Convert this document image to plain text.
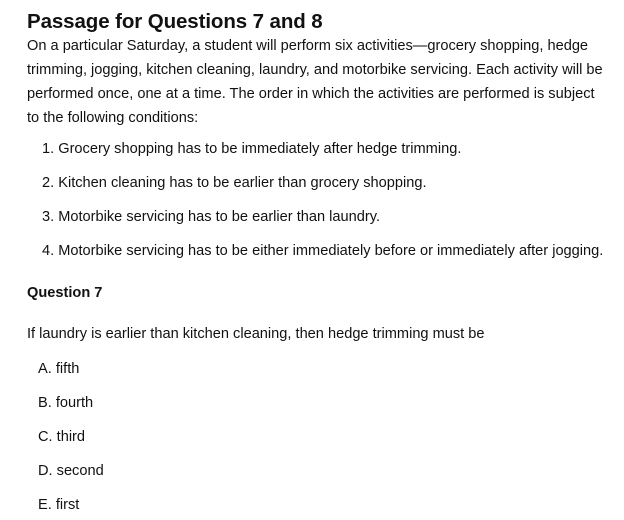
Passage for Questions 7 and 8

On a particular Saturday, a student will perform six activities—grocery shopping, hedge trimming, jogging, kitchen cleaning, laundry, and motorbike servicing. Each activity will be performed once, one at a time. The order in which the activities are performed is subject to the following conditions:

1. Grocery shopping has to be immediately after hedge trimming.
2. Kitchen cleaning has to be earlier than grocery shopping.
3. Motorbike servicing has to be earlier than laundry.
4. Motorbike servicing has to be either immediately before or immediately after jogging.
Question 7

If laundry is earlier than kitchen cleaning, then hedge trimming must be

A. fifth
B. fourth
C. third
D. second
E. first
